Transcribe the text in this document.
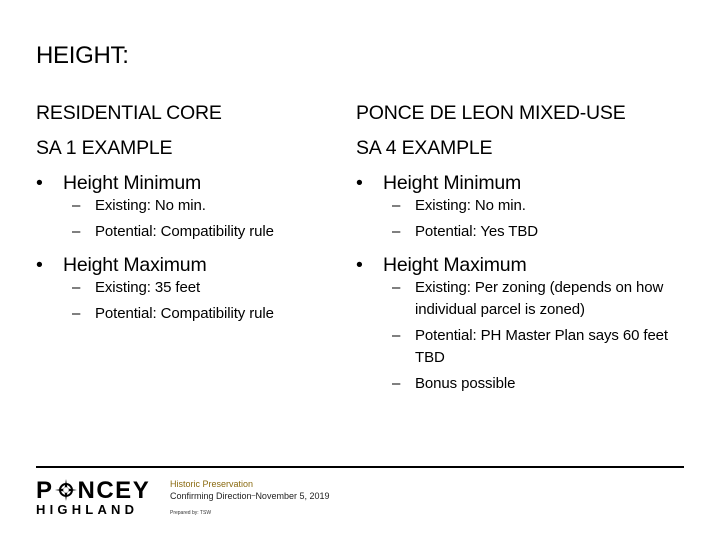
HEIGHT:
RESIDENTIAL CORE
SA 1 EXAMPLE
•	Height Minimum
– Existing: No min.
– Potential: Compatibility rule
•	Height Maximum
– Existing: 35 feet
– Potential: Compatibility rule
PONCE DE LEON MIXED-USE
SA 4 EXAMPLE
•	Height Minimum
– Existing: No min.
– Potential: Yes TBD
•	Height Maximum
– Existing: Per zoning (depends on how individual parcel is zoned)
– Potential: PH Master Plan says 60 feet TBD
– Bonus possible
P NCEY
HIGHLAND
Historic Preservation
Confirming Direction–November 5, 2019
Prepared by: TSW
